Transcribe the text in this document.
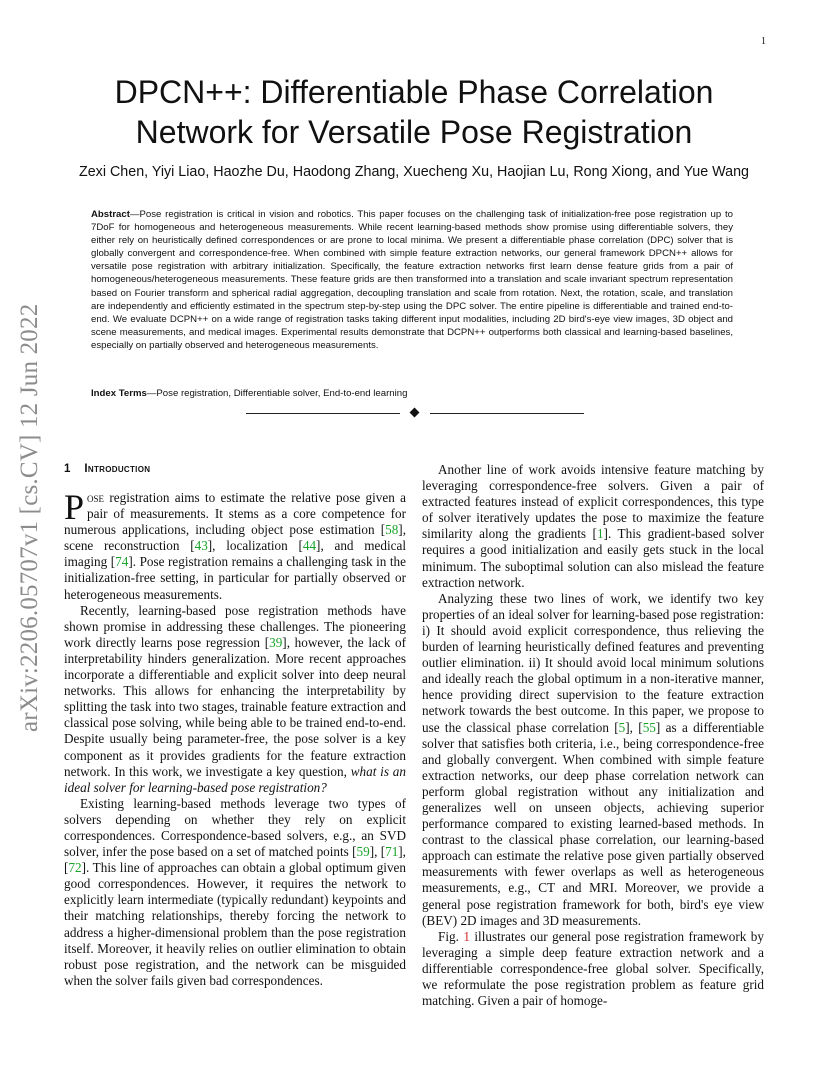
1
arXiv:2206.05707v1 [cs.CV] 12 Jun 2022
DPCN++: Differentiable Phase Correlation Network for Versatile Pose Registration
Zexi Chen, Yiyi Liao, Haozhe Du, Haodong Zhang, Xuecheng Xu, Haojian Lu, Rong Xiong, and Yue Wang

Abstract—Pose registration is critical in vision and robotics. This paper focuses on the challenging task of initialization-free pose registration up to 7DoF for homogeneous and heterogeneous measurements. While recent learning-based methods show promise using differentiable solvers, they either rely on heuristically defined correspondences or are prone to local minima. We present a differentiable phase correlation (DPC) solver that is globally convergent and correspondence-free. When combined with simple feature extraction networks, our general framework DPCN++ allows for versatile pose registration with arbitrary initialization. Specifically, the feature extraction networks first learn dense feature grids from a pair of homogeneous/heterogeneous measurements. These feature grids are then transformed into a translation and scale invariant spectrum representation based on Fourier transform and spherical radial aggregation, decoupling translation and scale from rotation. Next, the rotation, scale, and translation are independently and efficiently estimated in the spectrum step-by-step using the DPC solver. The entire pipeline is differentiable and trained end-to-end. We evaluate DCPN++ on a wide range of registration tasks taking different input modalities, including 2D bird's-eye view images, 3D object and scene measurements, and medical images. Experimental results demonstrate that DCPN++ outperforms both classical and learning-based baselines, especially on partially observed and heterogeneous measurements.

Index Terms—Pose registration, Differentiable solver, End-to-end learning
1 Introduction

Pose registration aims to estimate the relative pose given a pair of measurements. It stems as a core competence for numerous applications, including object pose estimation [58], scene reconstruction [43], localization [44], and medical imaging [74]. Pose registration remains a challenging task in the initialization-free setting, in particular for partially observed or heterogeneous measurements.

Recently, learning-based pose registration methods have shown promise in addressing these challenges. The pioneering work directly learns pose regression [39], however, the lack of interpretability hinders generalization. More recent approaches incorporate a differentiable and explicit solver into deep neural networks. This allows for enhancing the interpretability by splitting the task into two stages, trainable feature extraction and classical pose solving, while being able to be trained end-to-end. Despite usually being parameter-free, the pose solver is a key component as it provides gradients for the feature extraction network. In this work, we investigate a key question, what is an ideal solver for learning-based pose registration?

Existing learning-based methods leverage two types of solvers depending on whether they rely on explicit correspondences. Correspondence-based solvers, e.g., an SVD solver, infer the pose based on a set of matched points [59], [71], [72]. This line of approaches can obtain a global optimum given good correspondences. However, it requires the network to explicitly learn intermediate (typically redundant) keypoints and their matching relationships, thereby forcing the network to address a higher-dimensional problem than the pose registration itself. Moreover, it heavily relies on outlier elimination to obtain robust pose registration, and the network can be misguided when the solver fails given bad correspondences.

Another line of work avoids intensive feature matching by leveraging correspondence-free solvers. Given a pair of extracted features instead of explicit correspondences, this type of solver iteratively updates the pose to maximize the feature similarity along the gradients [1]. This gradient-based solver requires a good initialization and easily gets stuck in the local minimum. The suboptimal solution can also mislead the feature extraction network.

Analyzing these two lines of work, we identify two key properties of an ideal solver for learning-based pose registration: i) It should avoid explicit correspondence, thus relieving the burden of learning heuristically defined features and preventing outlier elimination. ii) It should avoid local minimum solutions and ideally reach the global optimum in a non-iterative manner, hence providing direct supervision to the feature extraction network towards the best outcome. In this paper, we propose to use the classical phase correlation [5], [55] as a differentiable solver that satisfies both criteria, i.e., being correspondence-free and globally convergent. When combined with simple feature extraction networks, our deep phase correlation network can perform global registration without any initialization and generalizes well on unseen objects, achieving superior performance compared to existing learned-based methods. In contrast to the classical phase correlation, our learning-based approach can estimate the relative pose given partially observed measurements with fewer overlaps as well as heterogeneous measurements, e.g., CT and MRI. Moreover, we provide a general pose registration framework for both, bird's eye view (BEV) 2D images and 3D measurements.

Fig. 1 illustrates our general pose registration framework by leveraging a simple deep feature extraction network and a differentiable correspondence-free global solver. Specifically, we reformulate the pose registration problem as feature grid matching. Given a pair of homoge-
